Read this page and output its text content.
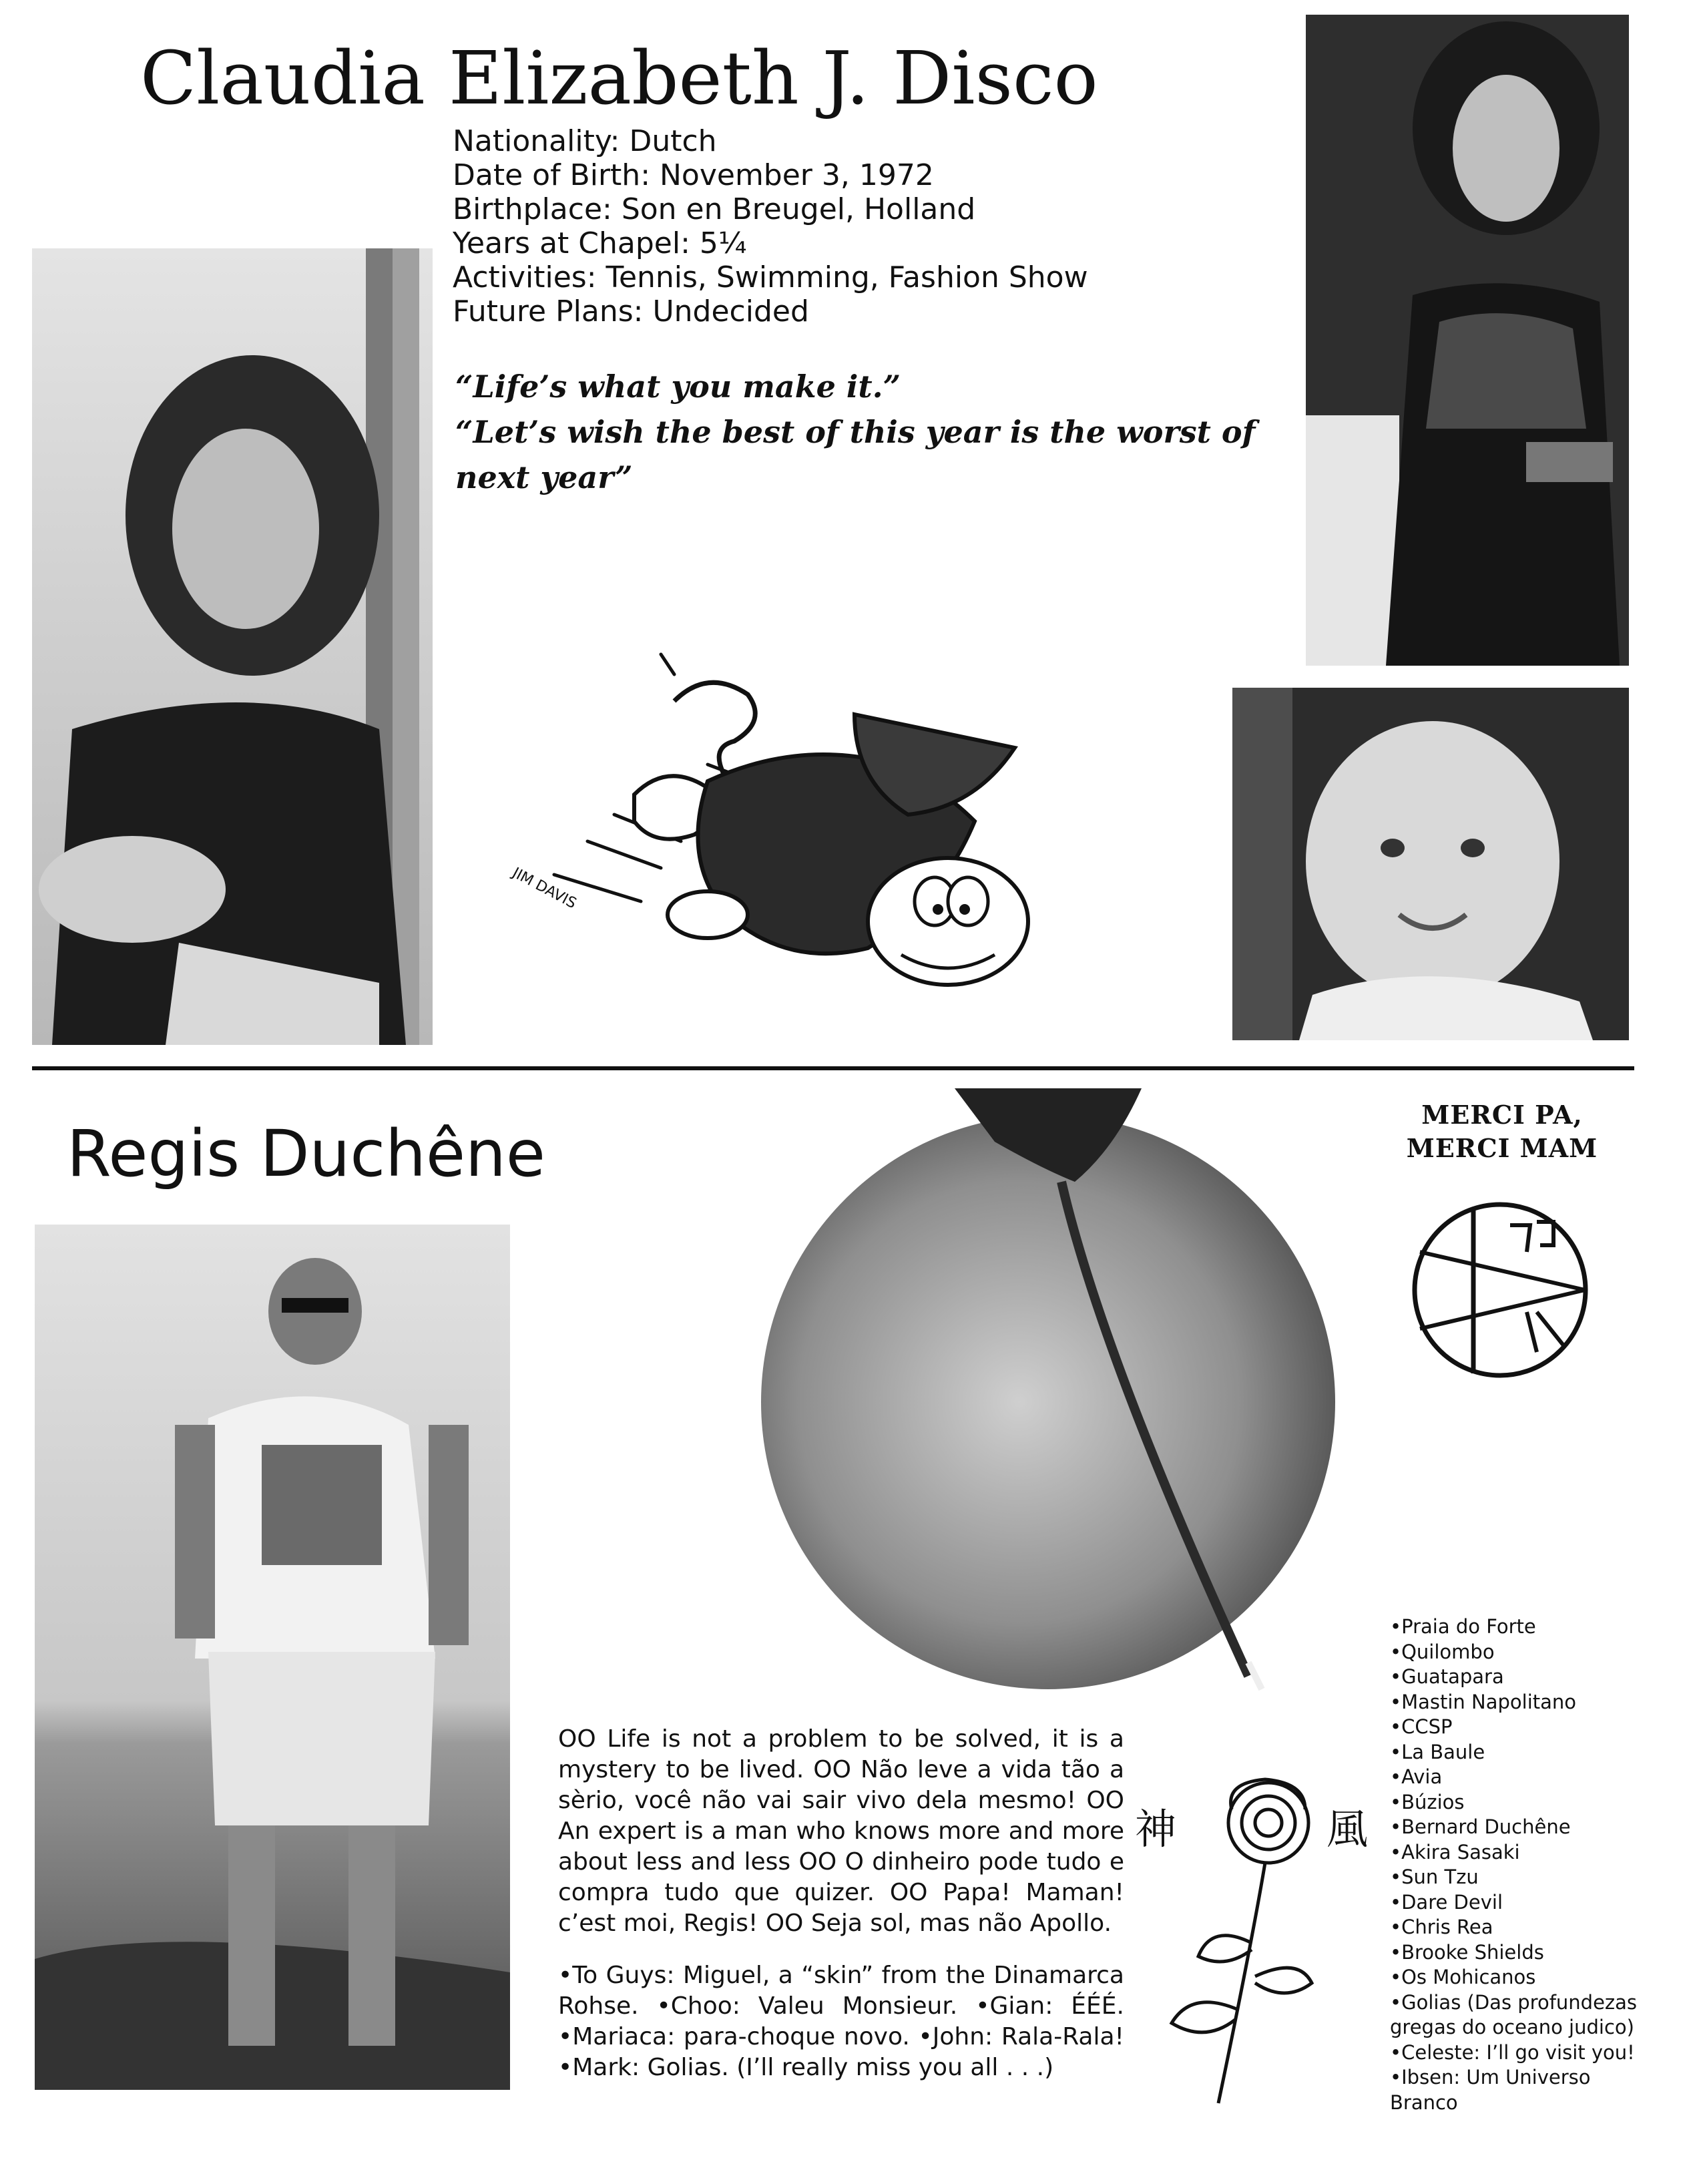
Claudia Elizabeth J. Disco
Nationality: Dutch
Date of Birth: November 3, 1972
Birthplace: Son en Breugel, Holland
Years at Chapel: 5¼
Activities: Tennis, Swimming, Fashion Show
Future Plans: Undecided
“Life’s what you make it.”
“Let’s wish the best of this year is the worst of next year”
JIM DAVIS
Regis Duchêne
MERCI PA,
MERCI MAM

OO Life is not a problem to be solved, it is a mystery to be lived. OO Não leve a vida tão a sèrio, você não vai sair vivo dela mesmo! OO An expert is a man who knows more and more about less and less OO O dinheiro pode tudo e compra tudo que quizer. OO Papa! Maman! c’est moi, Regis! OO Seja sol, mas não Apollo.

•To Guys: Miguel, a “skin” from the Dinamarca Rohse. •Choo: Valeu Monsieur. •Gian: ÉÉÉ. •Mariaca: para-choque novo. •John: Rala-Rala! •Mark: Golias. (I’ll really miss you all . . .)

神	風
•Praia do Forte
•Quilombo
•Guatapara
•Mastin Napolitano
•CCSP
•La Baule
•Avia
•Búzios
•Bernard Duchêne
•Akira Sasaki
•Sun Tzu
•Dare Devil
•Chris Rea
•Brooke Shields
•Os Mohicanos
•Golias (Das profundezas
gregas do oceano judico)
•Celeste: I’ll go visit you!
•Ibsen: Um Universo
Branco
